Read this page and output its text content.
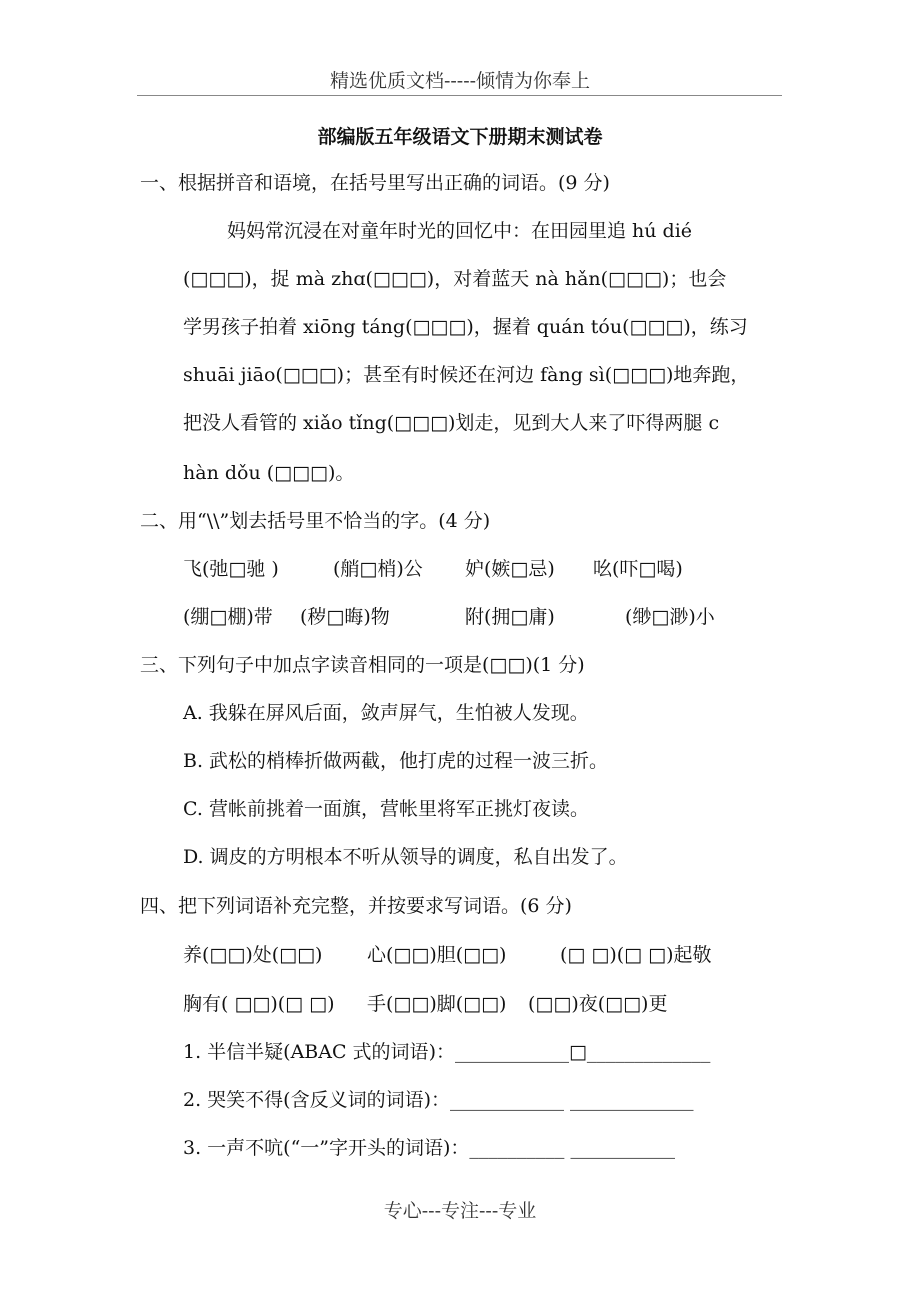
精选优质文档-----倾情为你奉上
部编版五年级语文下册期末测试卷
一、根据拼音和语境，在括号里写出正确的词语。(9 分)
妈妈常沉浸在对童年时光的回忆中：在田园里追 hú dié
(□□□)，捉 mà zhɑ(□□□)，对着蓝天 nà hǎn(□□□)；也会
学男孩子拍着 xiōng táng(□□□)，握着 quán tóu(□□□)，练习
shuāi jiāo(□□□)；甚至有时候还在河边 fàng sì(□□□)地奔跑，
把没人看管的 xiǎo tǐng(□□□)划走，见到大人来了吓得两腿 c
hàn dǒu (□□□)。
二、用“\\”划去括号里不恰当的字。(4 分)
飞(弛□驰 )	(艄□梢)公 妒(嫉□忌) 吆(吓□喝)
(绷□棚)带 (秽□晦)物	附(拥□庸)	(缈□渺)小
三、下列句子中加点字读音相同的一项是(□□)(1 分)
A. 我躲在屏风后面，敛声屏气，生怕被人发现。
B. 武松的梢棒折做两截，他打虎的过程一波三折。
C. 营帐前挑着一面旗，营帐里将军正挑灯夜读。
D. 调皮的方明根本不听从领导的调度，私自出发了。
四、把下列词语补充完整，并按要求写词语。(6 分)
养(□□)处(□□) 心(□□)胆(□□)	(□ □)(□ □)起敬
胸有( □□)(□ □) 手(□□)脚(□□) (□□)夜(□□)更
1. 半信半疑(ABAC 式的词语)：____________□_____________
2. 哭笑不得(含反义词的词语)：____________ _____________
3. 一声不吭(“一”字开头的词语)：__________ ___________
专心---专注---专业
